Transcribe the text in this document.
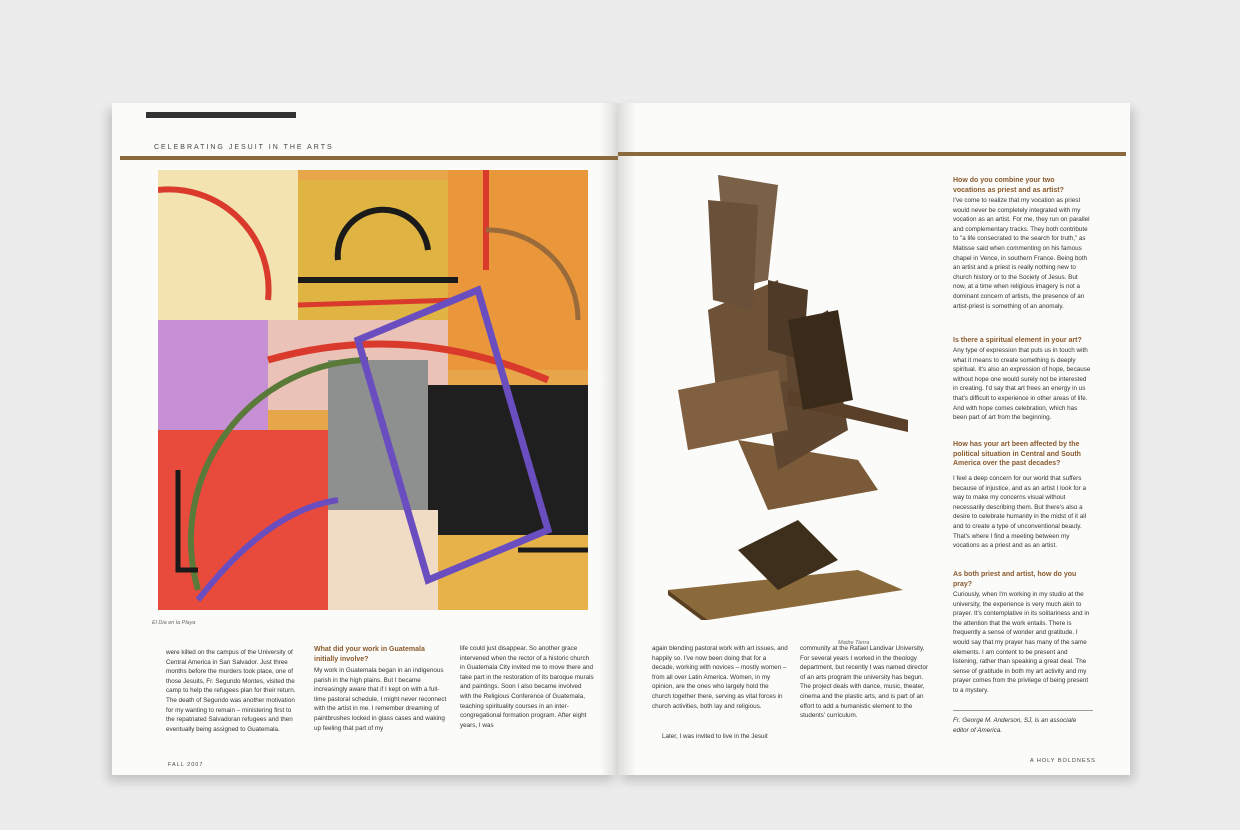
CELEBRATING JESUIT IN THE ARTS
El Dia en la Playa
Madre Tierra

were killed on the campus of the University of Central America in San Salvador. Just three months before the murders took place, one of those Jesuits, Fr. Segundo Montes, visited the camp to help the refugees plan for their return. The death of Segundo was another motivation for my wanting to remain – ministering first to the repatriated Salvadoran refugees and then eventually being assigned to Guatemala.

What did your work in Guatemala initially involve?

My work in Guatemala began in an indigenous parish in the high plains. But I became increasingly aware that if I kept on with a full-time pastoral schedule, I might never reconnect with the artist in me. I remember dreaming of paintbrushes locked in glass cases and waking up feeling that part of my

life could just disappear. So another grace intervened when the rector of a historic church in Guatemala City invited me to move there and take part in the restoration of its baroque murals and paintings. Soon I also became involved with the Religious Conference of Guatemala, teaching spirituality courses in an inter-congregational formation program. After eight years, I was

again blending pastoral work with art issues, and happily so. I've now been doing that for a decade, working with novices – mostly women – from all over Latin America. Women, in my opinion, are the ones who largely hold the church together there, serving as vital forces in church activities, both lay and religious.

Later, I was invited to live in the Jesuit

community at the Rafael Landivar University. For several years I worked in the theology department, but recently I was named director of an arts program the university has begun. The project deals with dance, music, theater, cinema and the plastic arts, and is part of an effort to add a humanistic element to the students' curriculum.

How do you combine your two vocations as priest and as artist?

I've come to realize that my vocation as priest would never be completely integrated with my vocation as an artist. For me, they run on parallel and complementary tracks. They both contribute to "a life consecrated to the search for truth," as Matisse said when commenting on his famous chapel in Vence, in southern France. Being both an artist and a priest is really nothing new to church history or to the Society of Jesus. But now, at a time when religious imagery is not a dominant concern of artists, the presence of an artist-priest is something of an anomaly.

Is there a spiritual element in your art?

Any type of expression that puts us in touch with what it means to create something is deeply spiritual. It's also an expression of hope, because without hope one would surely not be interested in creating. I'd say that art frees an energy in us that's difficult to experience in other areas of life. And with hope comes celebration, which has been part of art from the beginning.

How has your art been affected by the political situation in Central and South America over the past decades?

I feel a deep concern for our world that suffers because of injustice, and as an artist I look for a way to make my concerns visual without necessarily describing them. But there's also a desire to celebrate humanity in the midst of it all and to create a type of unconventional beauty. That's where I find a meeting between my vocations as a priest and as an artist.

As both priest and artist, how do you pray?

Curiously, when I'm working in my studio at the university, the experience is very much akin to prayer. It's contemplative in its solitariness and in the attention that the work entails. There is frequently a sense of wonder and gratitude. I would say that my prayer has many of the same elements. I am content to be present and listening, rather than speaking a great deal. The sense of gratitude in both my art activity and my prayer comes from the privilege of being present to a mystery.

Fr. George M. Anderson, SJ, is an associate editor of America.

FALL 2007
A HOLY BOLDNESS
